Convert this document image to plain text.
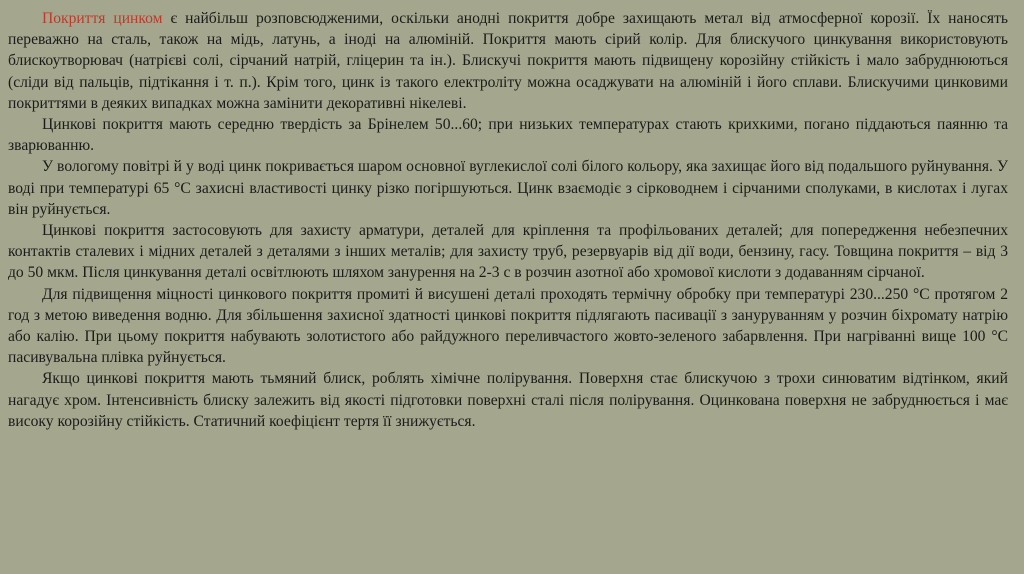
Покриття цинком є найбільш розповсюдженими, оскільки анодні покриття добре захищають метал від атмосферної корозії. Їх наносять переважно на сталь, також на мідь, латунь, а іноді на алюміній. Покриття мають сірий колір. Для блискучого цинкування використовують блискоутворювач (натрієві солі, сірчаний натрій, гліцерин та ін.). Блискучі покриття мають підвищену корозійну стійкість і мало забруднюються (сліди від пальців, підтікання і т. п.). Крім того, цинк із такого електроліту можна осаджувати на алюміній і його сплави. Блискучими цинковими покриттями в деяких випадках можна замінити декоративні нікелеві.

Цинкові покриття мають середню твердість за Брінелем 50...60; при низьких температурах стають крихкими, погано піддаються паянню та зварюванню.

У вологому повітрі й у воді цинк покривається шаром основної вуглекислої солі білого кольору, яка захищає його від подальшого руйнування. У воді при температурі 65 °С захисні властивості цинку різко погіршуються. Цинк взаємодіє з сірководнем і сірчаними сполуками, в кислотах і лугах він руйнується.

Цинкові покриття застосовують для захисту арматури, деталей для кріплення та профільованих деталей; для попередження небезпечних контактів сталевих і мідних деталей з деталями з інших металів; для захисту труб, резервуарів від дії води, бензину, гасу. Товщина покриття – від 3 до 50 мкм. Після цинкування деталі освітлюють шляхом занурення на 2-3 с в розчин азотної або хромової кислоти з додаванням сірчаної.

Для підвищення міцності цинкового покриття промиті й висушені деталі проходять термічну обробку при температурі 230...250 °С протягом 2 год з метою виведення водню. Для збільшення захисної здатності цинкові покриття підлягають пасивації з зануруванням у розчин біхромату натрію або калію. При цьому покриття набувають золотистого або райдужного переливчастого жовто-зеленого забарвлення. При нагріванні вище 100 °С пасивувальна плівка руйнується.

Якщо цинкові покриття мають тьмяний блиск, роблять хімічне полірування. Поверхня стає блискучою з трохи синюватим відтінком, який нагадує хром. Інтенсивність блиску залежить від якості підготовки поверхні сталі після полірування. Оцинкована поверхня не забруднюється і має високу корозійну стійкість. Статичний коефіцієнт тертя її знижується.
